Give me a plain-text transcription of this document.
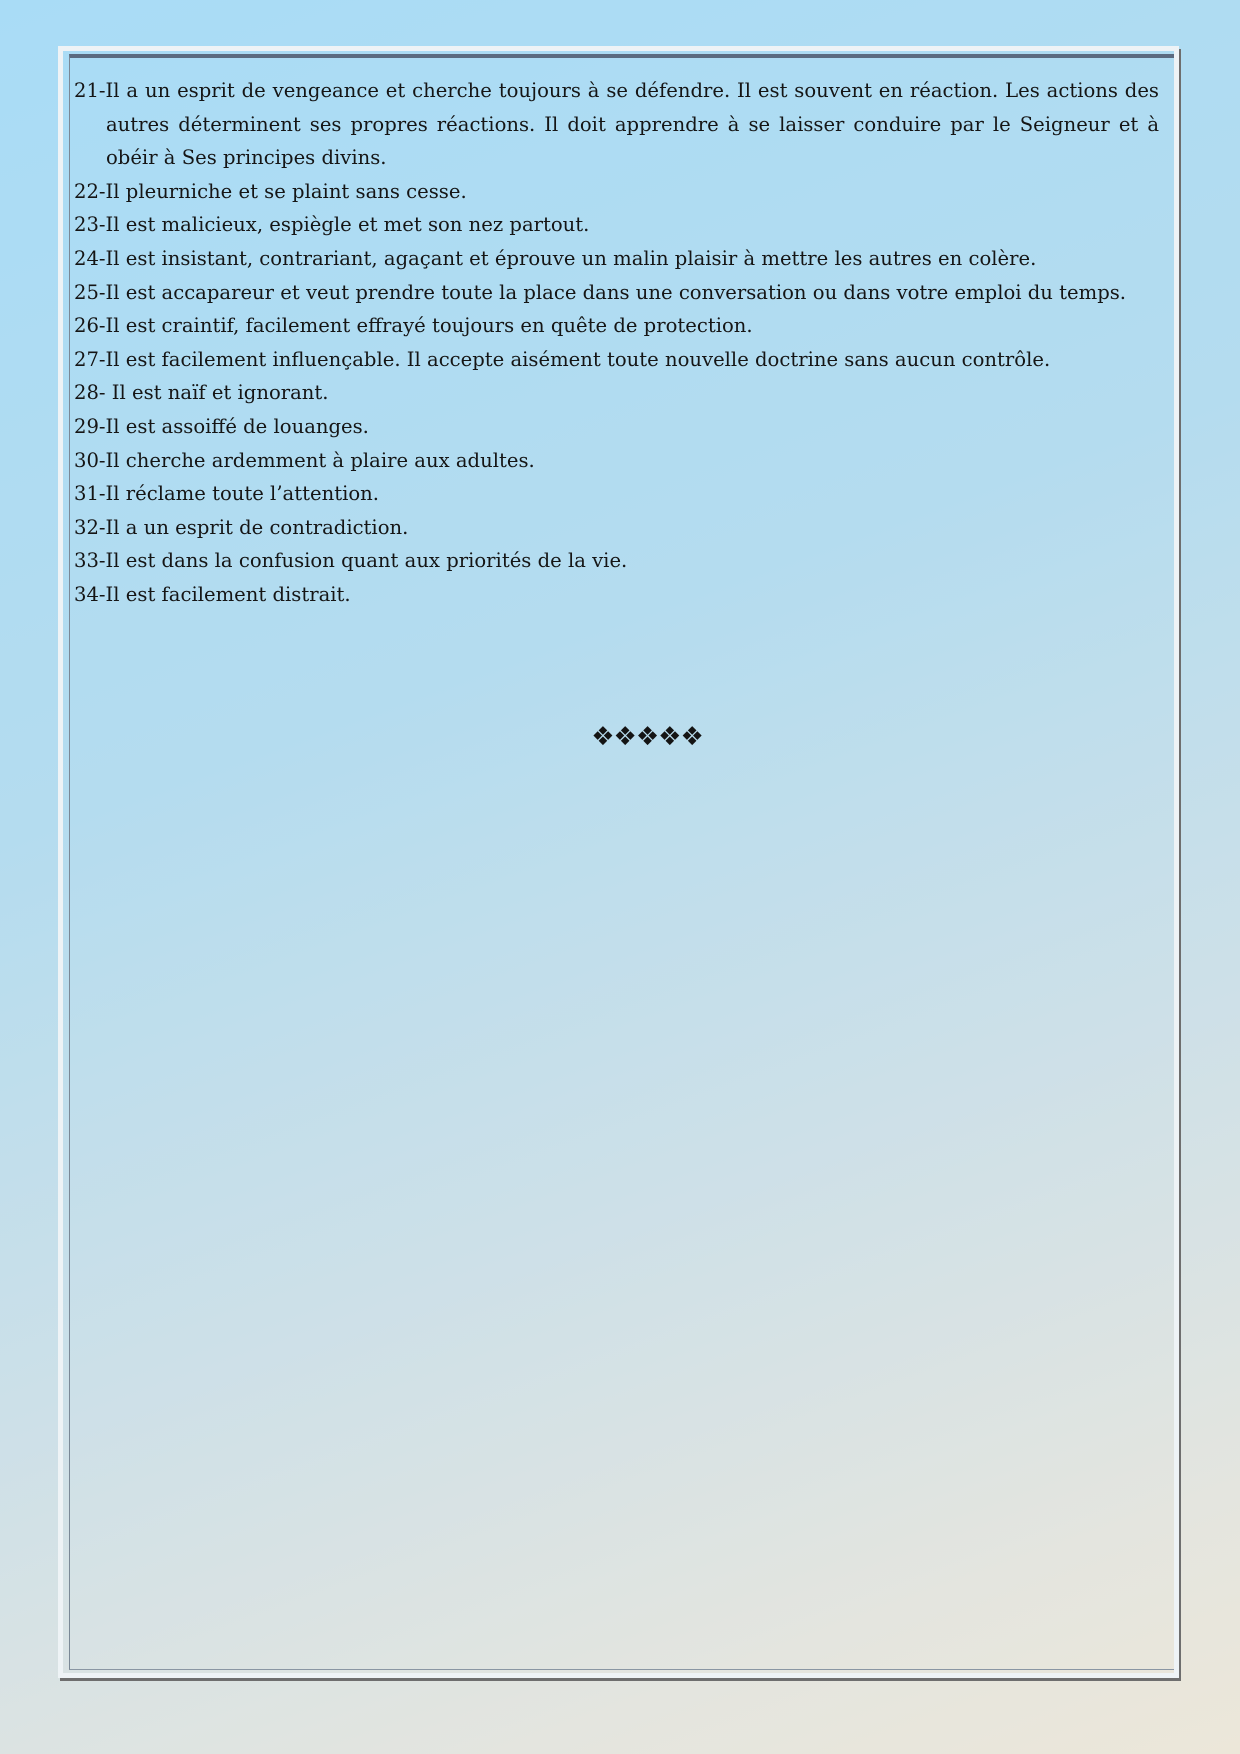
21-Il a un esprit de vengeance et cherche toujours à se défendre. Il est souvent en réaction. Les actions des autres déterminent ses propres réactions. Il doit apprendre à se laisser conduire par le Seigneur et à obéir à Ses principes divins.
22-Il pleurniche et se plaint sans cesse.
23-Il est malicieux, espiègle et met son nez partout.
24-Il est insistant, contrariant, agaçant et éprouve un malin plaisir à mettre les autres en colère.
25-Il est accapareur et veut prendre toute la place dans une conversation ou dans votre emploi du temps.
26-Il est craintif, facilement effrayé toujours en quête de protection.
27-Il est facilement influençable. Il accepte aisément toute nouvelle doctrine sans aucun contrôle.
28- Il est naïf et ignorant.
29-Il est assoiffé de louanges.
30-Il cherche ardemment à plaire aux adultes.
31-Il réclame toute l’attention.
32-Il a un esprit de contradiction.
33-Il est dans la confusion quant aux priorités de la vie.
34-Il est facilement distrait.
❖❖❖❖❖
